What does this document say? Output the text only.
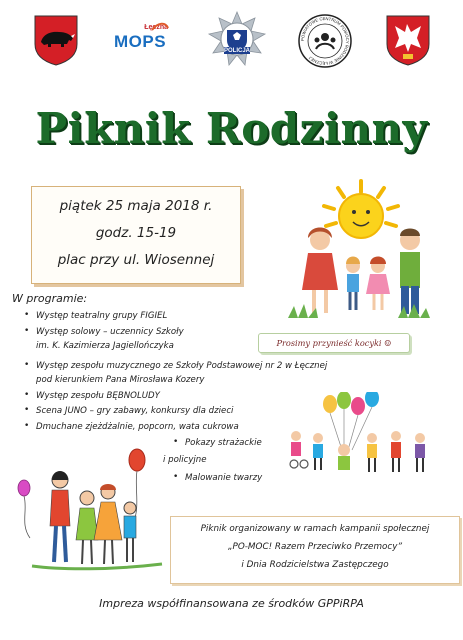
Łęczna
MOPS	POLICJA
POWIATOWE CENTRUM POMOCY RODZINIE W ŁĘCZNEJ
Piknik Rodzinny
piątek 25 maja 2018 r.
godz. 15-19
plac przy ul. Wiosennej
W programie:
• Występ teatralny grupy FIGIEL
• Występ solowy – uczennicy Szkoły
im. K. Kazimierza Jagiellończyka
• Występ zespołu muzycznego ze Szkoły Podstawowej nr 2 w Łęcznej
pod kierunkiem Pana Mirosława Kozery
• Występ zespołu BĘBNOLUDY
• Scena JUNO – gry zabawy, konkursy dla dzieci
• Dmuchane zjeżdżalnie, popcorn, wata cukrowa
• Pokazy strażackie
i policyjne
• Malowanie twarzy
Prosimy przynieść kocyki ☺
Piknik organizowany w ramach kampanii społecznej
„PO-MOC! Razem Przeciwko Przemocy”
i Dnia Rodzicielstwa Zastępczego
Impreza współfinansowana ze środków GPPiRPA
